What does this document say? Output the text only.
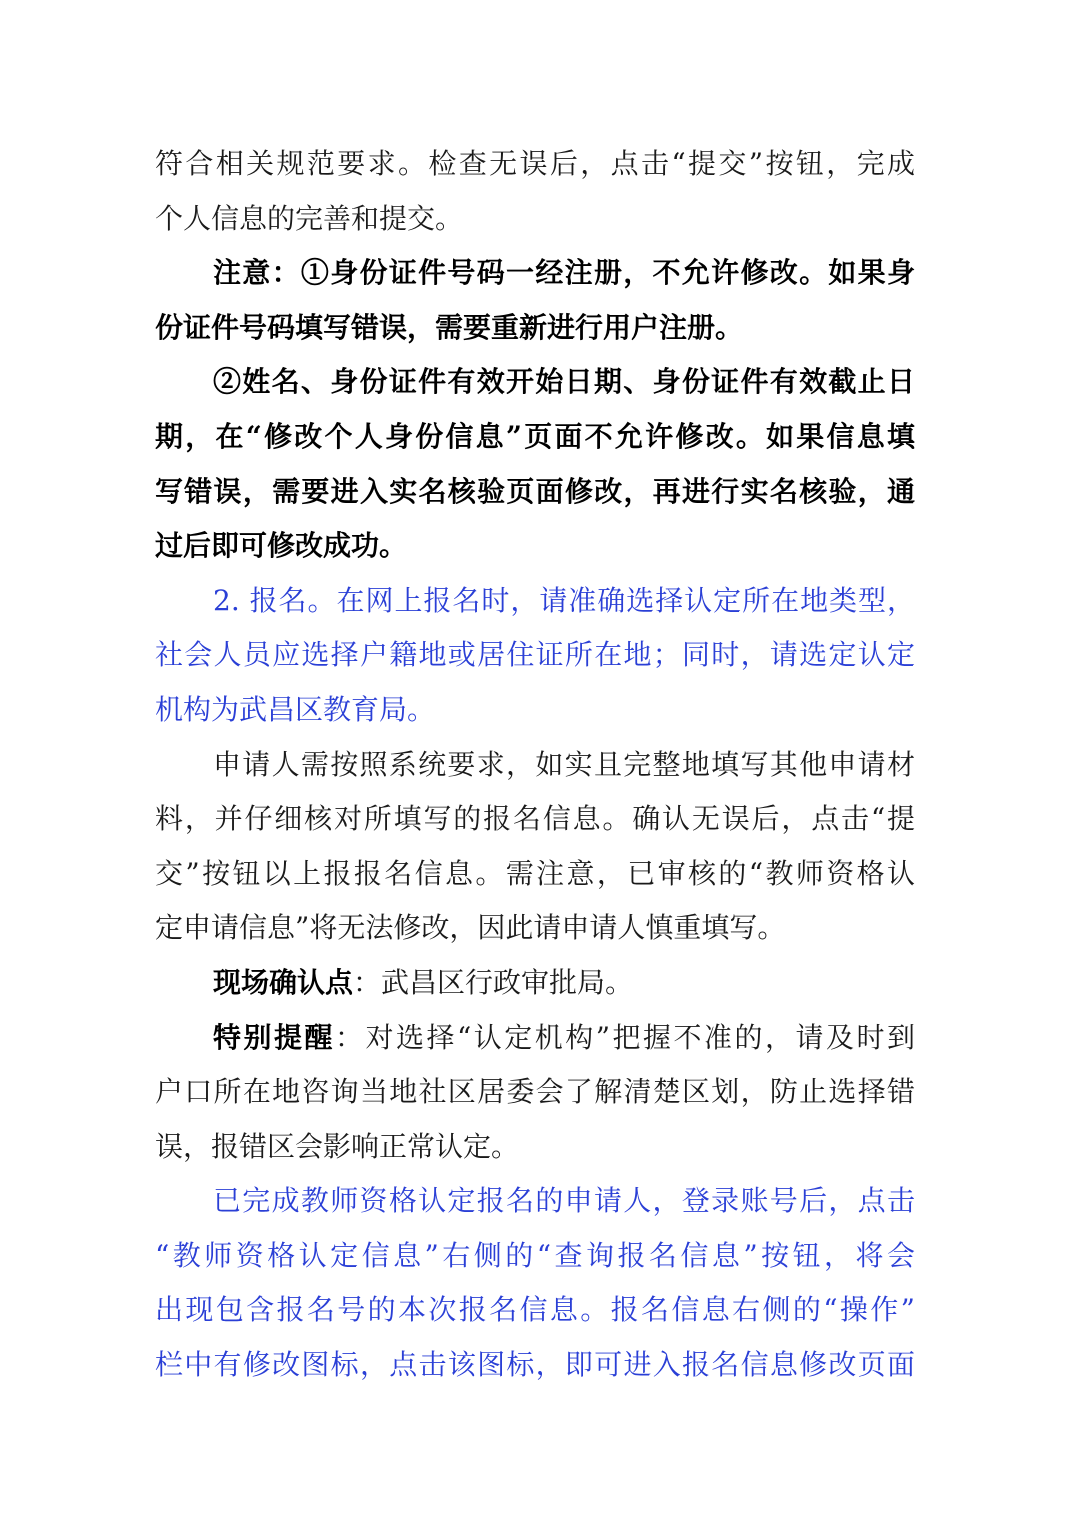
符合相关规范要求。检查无误后，点击“提交”按钮，完成
个人信息的完善和提交。
注意：①身份证件号码一经注册，不允许修改。如果身
份证件号码填写错误，需要重新进行用户注册。
②姓名、身份证件有效开始日期、身份证件有效截止日
期，在“修改个人身份信息”页面不允许修改。如果信息填
写错误，需要进入实名核验页面修改，再进行实名核验，通
过后即可修改成功。
2. 报名。在网上报名时，请准确选择认定所在地类型，
社会人员应选择户籍地或居住证所在地；同时，请选定认定
机构为武昌区教育局。
申请人需按照系统要求，如实且完整地填写其他申请材
料，并仔细核对所填写的报名信息。确认无误后，点击“提
交”按钮以上报报名信息。需注意，已审核的“教师资格认
定申请信息”将无法修改，因此请申请人慎重填写。
现场确认点：武昌区行政审批局。
特别提醒：对选择“认定机构”把握不准的，请及时到
户口所在地咨询当地社区居委会了解清楚区划，防止选择错
误，报错区会影响正常认定。
已完成教师资格认定报名的申请人，登录账号后，点击
“教师资格认定信息”右侧的“查询报名信息”按钮，将会
出现包含报名号的本次报名信息。报名信息右侧的“操作”
栏中有修改图标，点击该图标，即可进入报名信息修改页面
